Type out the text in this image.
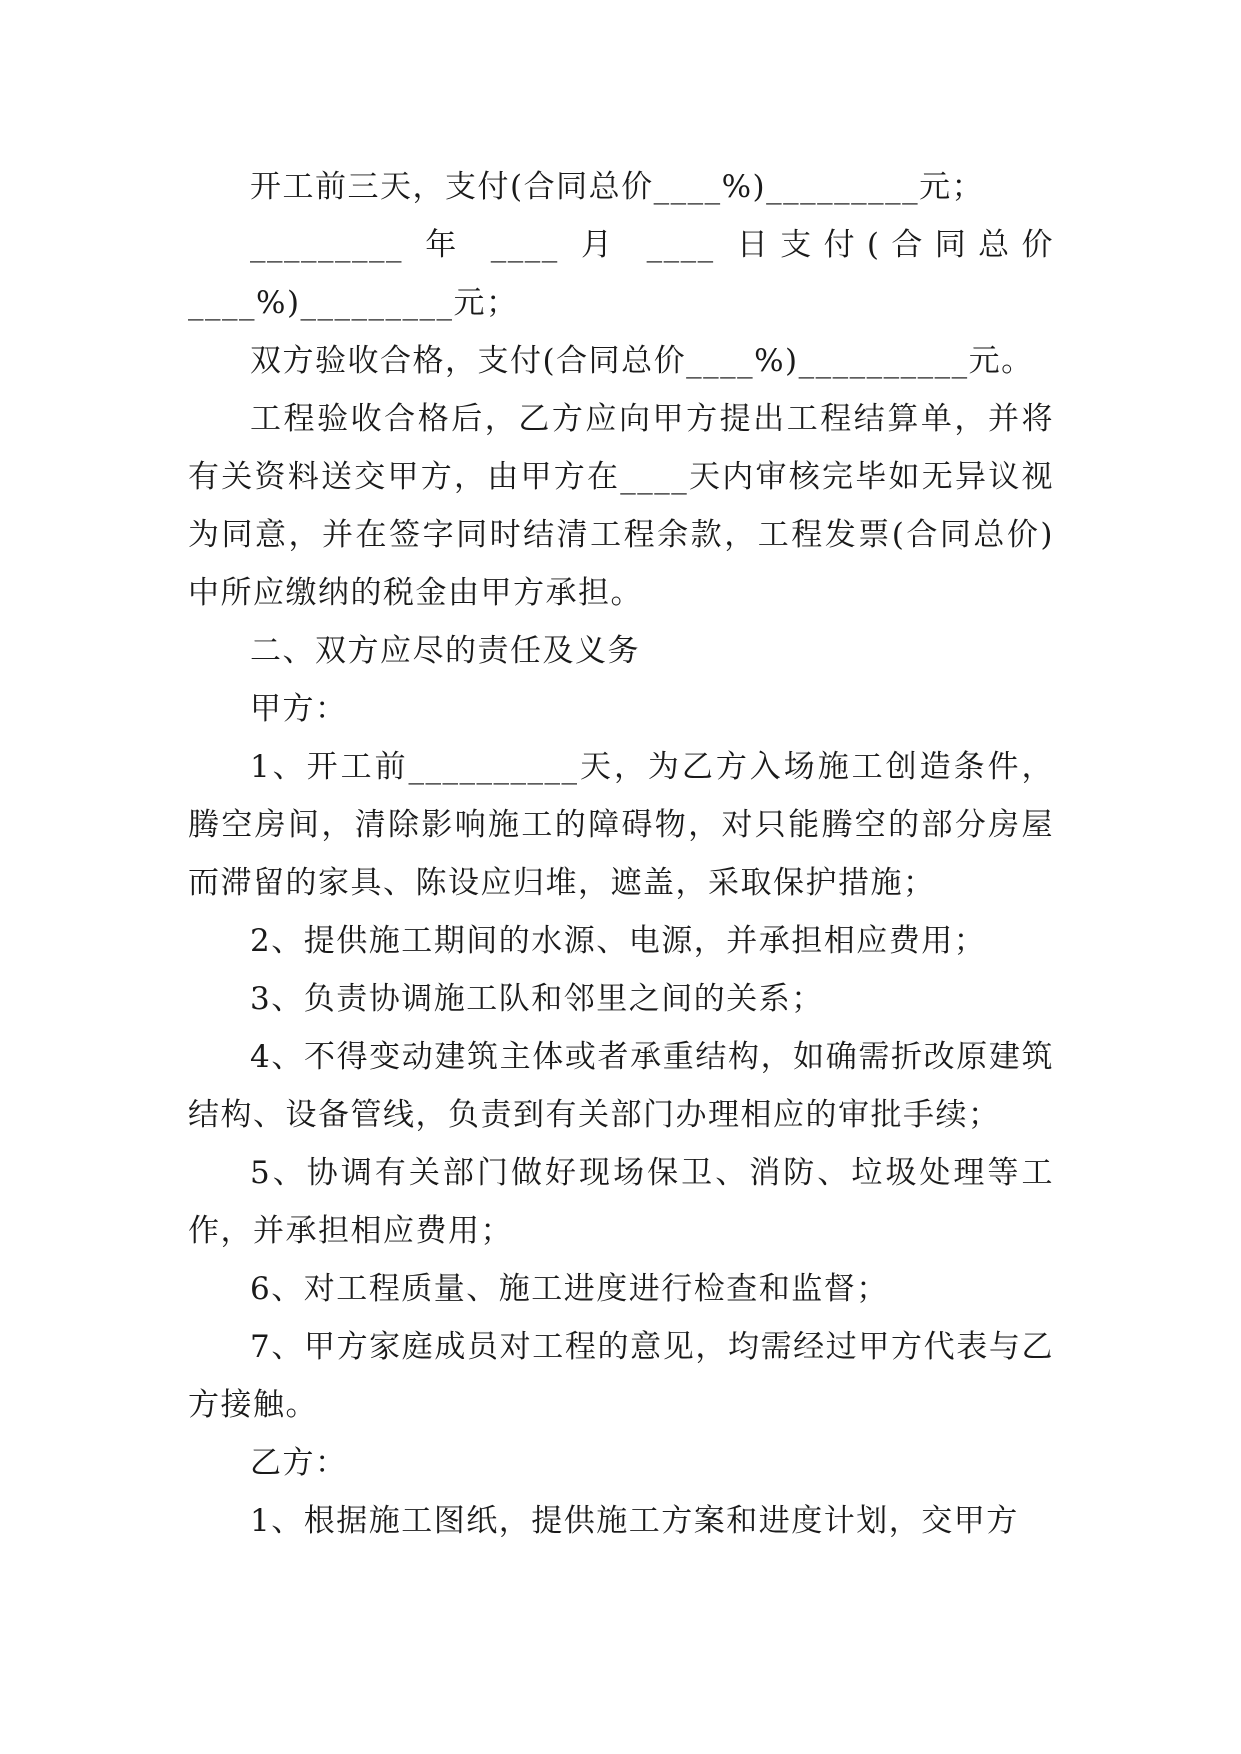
开工前三天，支付(合同总价____%)_________元；

_________ 年 ____ 月 ____ 日支付(合同总价____%)_________元；

双方验收合格，支付(合同总价____%)__________元。

工程验收合格后，乙方应向甲方提出工程结算单，并将有关资料送交甲方，由甲方在____天内审核完毕如无异议视为同意，并在签字同时结清工程余款，工程发票(合同总价)中所应缴纳的税金由甲方承担。

二、双方应尽的责任及义务

甲方：

1、开工前__________天，为乙方入场施工创造条件，腾空房间，清除影响施工的障碍物，对只能腾空的部分房屋而滞留的家具、陈设应归堆，遮盖，采取保护措施；

2、提供施工期间的水源、电源，并承担相应费用；

3、负责协调施工队和邻里之间的关系；

4、不得变动建筑主体或者承重结构，如确需折改原建筑结构、设备管线，负责到有关部门办理相应的审批手续；

5、协调有关部门做好现场保卫、消防、垃圾处理等工作，并承担相应费用；

6、对工程质量、施工进度进行检查和监督；

7、甲方家庭成员对工程的意见，均需经过甲方代表与乙方接触。

乙方：

1、根据施工图纸，提供施工方案和进度计划，交甲方
